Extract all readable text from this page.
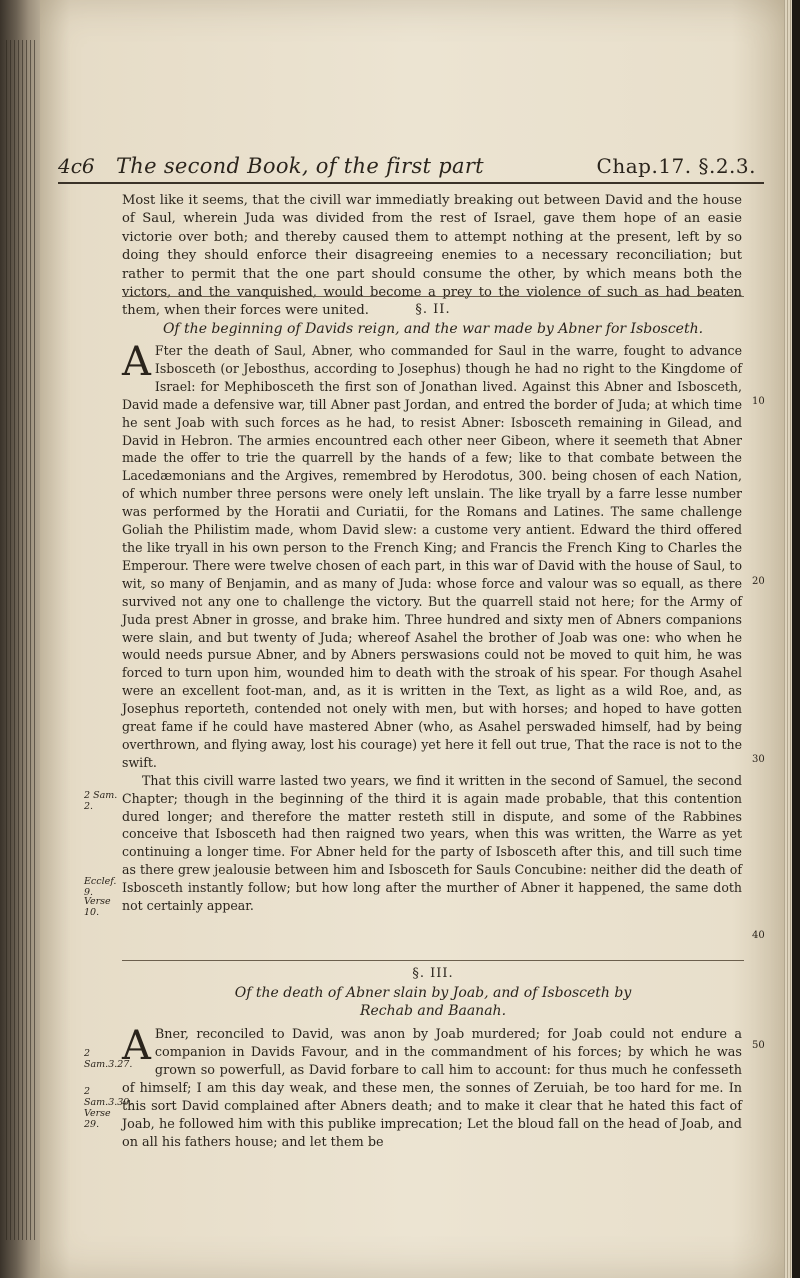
4c6 The second Book, of the first part	Chap.17. §.2.3.

Most like it seems, that the civill war immediatly breaking out between David and the house of Saul, wherein Juda was divided from the rest of Israel, gave them hope of an easie victorie over both; and thereby caused them to attempt nothing at the present, left by so doing they should enforce their disagreeing enemies to a necessary reconciliation; but rather to permit that the one part should consume the other, by which means both the victors, and the vanquished, would become a prey to the violence of such as had beaten them, when their forces were united.	§. II.
Of the beginning of Davids reign, and the war made by Abner for Isbosceth.

A Fter the death of Saul, Abner, who commanded for Saul in the warre, fought to advance Isbosceth (or Jebosthus, according to Josephus) though he had no right to the Kingdome of Israel: for Mephibosceth the first son of Jonathan lived. Against this Abner and Isbosceth, David made a defensive war, till Abner past Jordan, and entred the border of Juda; at which time he sent Joab with such forces as he had, to resist Abner: Isbosceth remaining in Gilead, and David in Hebron. The armies encountred each other neer Gibeon, where it seemeth that Abner made the offer to trie the quarrell by the hands of a few; like to that combate between the Lacedæmonians and the Argives, remembred by Herodotus, 300. being chosen of each Nation, of which number three persons were onely left unslain. The like tryall by a farre lesse number was performed by the Horatii and Curiatii, for the Romans and Latines. The same challenge Goliah the Philistim made, whom David slew: a custome very antient. Edward the third offered the like tryall in his own person to the French King; and Francis the French King to Charles the Emperour. There were twelve chosen of each part, in this war of David with the house of Saul, to wit, so many of Benjamin, and as many of Juda: whose force and valour was so equall, as there survived not any one to challenge the victory. But the quarrell staid not here; for the Army of Juda prest Abner in grosse, and brake him. Three hundred and sixty men of Abners companions were slain, and but twenty of Juda; whereof Asahel the brother of Joab was one: who when he would needs pursue Abner, and by Abners perswasions could not be moved to quit him, he was forced to turn upon him, wounded him to death with the stroak of his spear. For though Asahel were an excellent foot-man, and, as it is written in the Text, as light as a wild Roe, and, as Josephus reporteth, contended not onely with men, but with horses; and hoped to have gotten great fame if he could have mastered Abner (who, as Asahel perswaded himself, had by being overthrown, and flying away, lost his courage) yet here it fell out true, That the race is not to the swift.

That this civill warre lasted two years, we find it written in the second of Samuel, the second Chapter; though in the beginning of the third it is again made probable, that this contention dured longer; and therefore the matter resteth still in dispute, and some of the Rabbines conceive that Isbosceth had then raigned two years, when this was written, the Warre as yet continuing a longer time. For Abner held for the party of Isbosceth after this, and till such time as there grew jealousie between him and Isbosceth for Sauls Concubine: neither did the death of Isbosceth instantly follow; but how long after the murther of Abner it happened, the same doth not certainly appear.

§. III.
Of the death of Abner slain by Joab, and of Isbosceth by
Rechab and Baanah.

A Bner, reconciled to David, was anon by Joab murdered; for Joab could not endure a companion in Davids Favour, and in the commandment of his forces; by which he was grown so powerfull, as David forbare to call him to account: for thus much he confesseth of himself; I am this day weak, and these men, the sonnes of Zeruiah, be too hard for me. In this sort David complained after Abners death; and to make it clear that he hated this fact of Joab, he followed him with this publike imprecation; Let the bloud fall on the head of Joab, and on all his fathers house; and let them be

2 Sam. 2.
Ecclef. 9.
Verse 10.
2 Sam.3.27.
2 Sam.3.39.
Verse 29.
10
20
30
40
50
